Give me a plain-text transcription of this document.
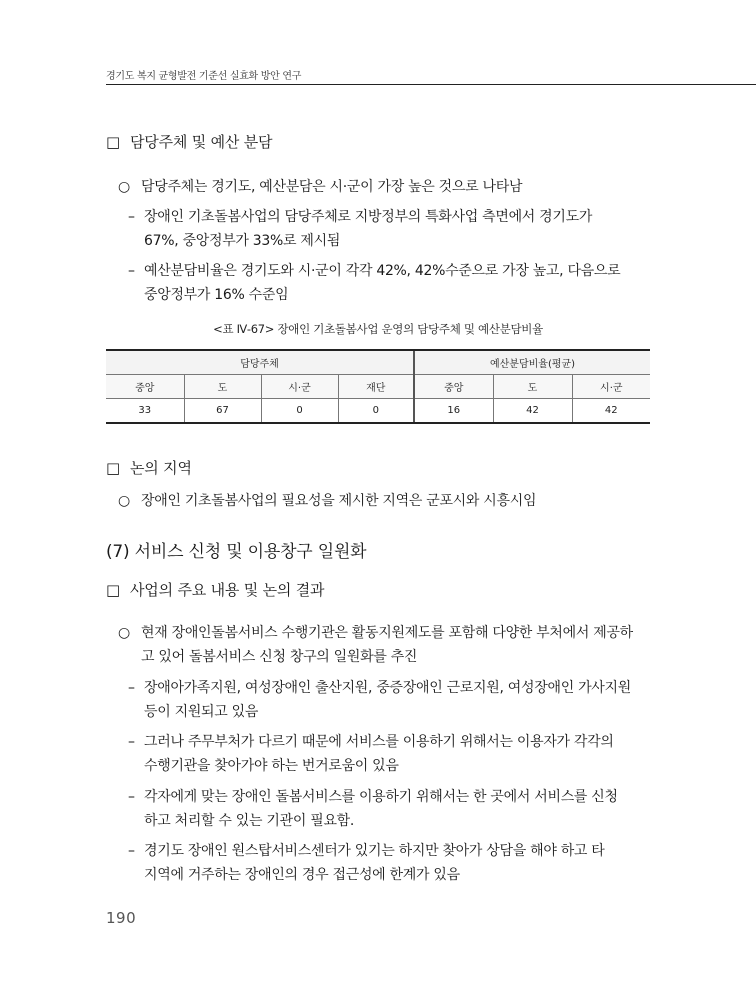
경기도 복지 균형발전 기준선 실효화 방안 연구
□ 담당주체 및 예산 분담
○ 담당주체는 경기도, 예산분담은 시·군이 가장 높은 것으로 나타남
– 장애인 기초돌봄사업의 담당주체로 지방정부의 특화사업 측면에서 경기도가
67%, 중앙정부가 33%로 제시됨
– 예산분담비율은 경기도와 시·군이 각각 42%, 42%수준으로 가장 높고, 다음으로
중앙정부가 16% 수준임
<표 Ⅳ-67> 장애인 기초돌봄사업 운영의 담당주체 및 예산분담비율
담당주체				예산분담비율(평균)		
중앙	도	시·군	재단	중앙	도	시·군
33	67	0	0	16	42	42
□ 논의 지역
○ 장애인 기초돌봄사업의 필요성을 제시한 지역은 군포시와 시흥시임
(7) 서비스 신청 및 이용창구 일원화
□ 사업의 주요 내용 및 논의 결과
○ 현재 장애인돌봄서비스 수행기관은 활동지원제도를 포함해 다양한 부처에서 제공하
고 있어 돌봄서비스 신청 창구의 일원화를 추진
– 장애아가족지원, 여성장애인 출산지원, 중증장애인 근로지원, 여성장애인 가사지원
등이 지원되고 있음
– 그러나 주무부처가 다르기 때문에 서비스를 이용하기 위해서는 이용자가 각각의
수행기관을 찾아가야 하는 번거로움이 있음
– 각자에게 맞는 장애인 돌봄서비스를 이용하기 위해서는 한 곳에서 서비스를 신청
하고 처리할 수 있는 기관이 필요함.
– 경기도 장애인 원스탑서비스센터가 있기는 하지만 찾아가 상담을 해야 하고 타
지역에 거주하는 장애인의 경우 접근성에 한계가 있음
190
